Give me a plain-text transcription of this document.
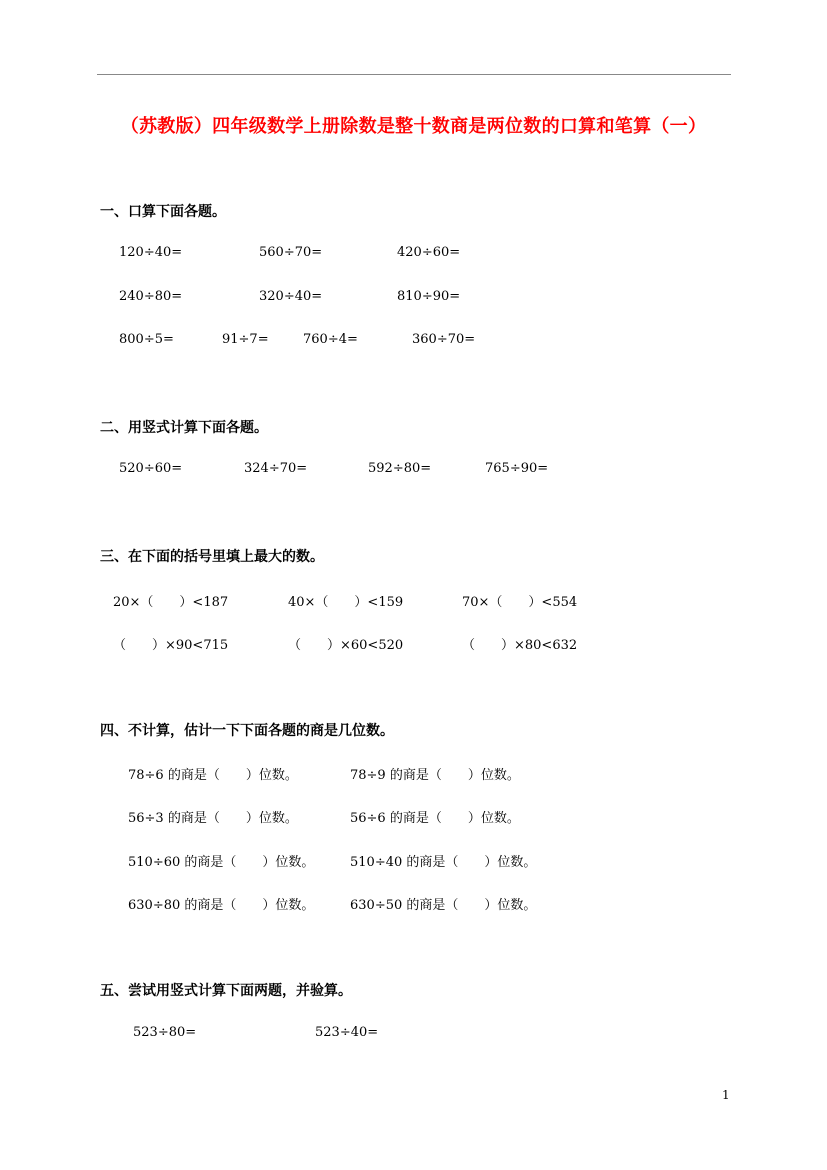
（苏教版）四年级数学上册除数是整十数商是两位数的口算和笔算（一）
一、口算下面各题。
120÷40=	560÷70=	420÷60=
240÷80=	320÷40=	810÷90=
800÷5=	91÷7=	760÷4=	360÷70=
二、用竖式计算下面各题。
520÷60=	324÷70=	592÷80=	765÷90=
三、在下面的括号里填上最大的数。
20×（　　）<187	40×（　　）<159	70×（　　）<554
（　　）×90<715	（　　）×60<520	（　　）×80<632
四、不计算，估计一下下面各题的商是几位数。
78÷6 的商是（　　）位数。	78÷9 的商是（　　）位数。
56÷3 的商是（　　）位数。	56÷6 的商是（　　）位数。
510÷60 的商是（　　）位数。	510÷40 的商是（　　）位数。
630÷80 的商是（　　）位数。	630÷50 的商是（　　）位数。
五、尝试用竖式计算下面两题，并验算。
523÷80=	523÷40=
1
